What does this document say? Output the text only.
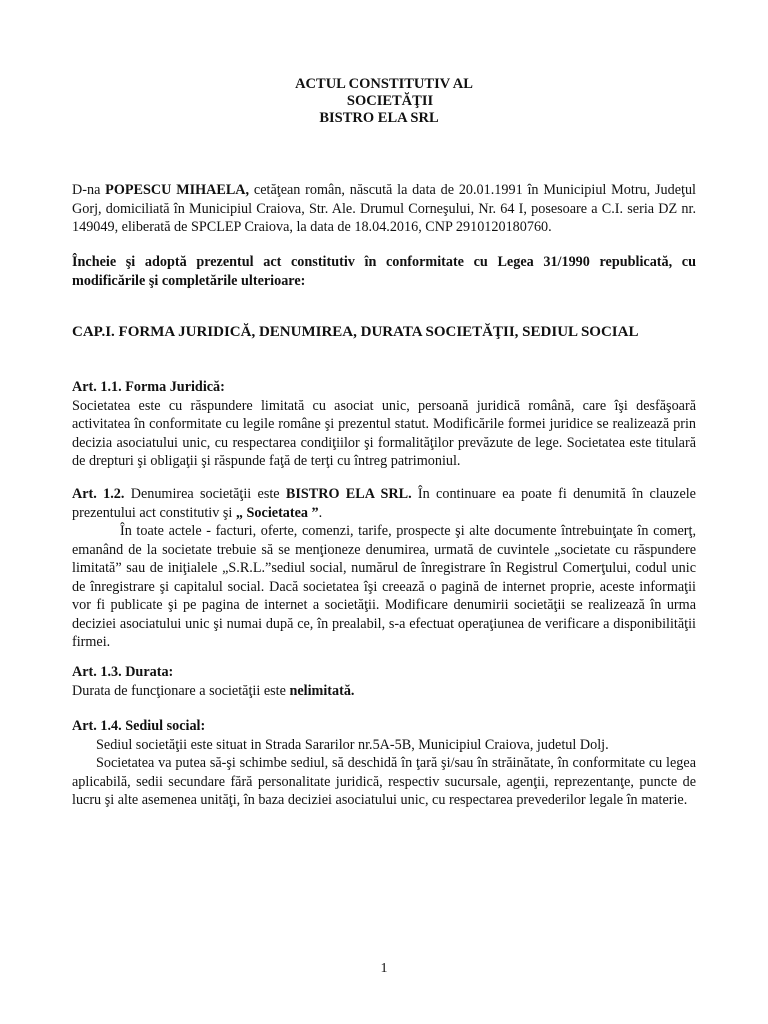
ACTUL CONSTITUTIV AL
SOCIETĂŢII
BISTRO ELA SRL

D-na POPESCU MIHAELA, cetăţean român, născută la data de 20.01.1991 în Municipiul Motru, Judeţul Gorj, domiciliată în Municipiul Craiova, Str. Ale. Drumul Corneşului, Nr. 64 I, posesoare a C.I. seria DZ nr. 149049, eliberată de SPCLEP Craiova, la data de 18.04.2016, CNP 2910120180760.

Încheie şi adoptă prezentul act constitutiv în conformitate cu Legea 31/1990 republicată, cu modificările şi completările ulterioare:
CAP.I. FORMA JURIDICĂ, DENUMIREA, DURATA SOCIETĂŢII, SEDIUL SOCIAL

Art. 1.1. Forma Juridică:

Societatea este cu răspundere limitată cu asociat unic, persoană juridică română, care îşi desfăşoară activitatea în conformitate cu legile române şi prezentul statut. Modificările formei juridice se realizează prin decizia asociatului unic, cu respectarea condiţiilor şi formalităţilor prevăzute de lege. Societatea este titulară de drepturi şi obligaţii şi răspunde faţă de terţi cu întreg patrimoniul.

Art. 1.2. Denumirea societăţii este BISTRO ELA SRL. În continuare ea poate fi denumită în clauzele prezentului act constitutiv şi „ Societatea ”.

În toate actele - facturi, oferte, comenzi, tarife, prospecte şi alte documente întrebuinţate în comerţ, emanând de la societate trebuie să se menţioneze denumirea, urmată de cuvintele „societate cu răspundere limitată” sau de iniţialele „S.R.L.”sediul social, numărul de înregistrare în Registrul Comerţului, codul unic de înregistrare şi capitalul social. Dacă societatea îşi creează o pagină de internet proprie, aceste informaţii vor fi publicate şi pe pagina de internet a societăţii. Modificare denumirii societăţii se realizează în urma deciziei asociatului unic şi numai după ce, în prealabil, s-a efectuat operaţiunea de verificare a disponibilităţii firmei.

Art. 1.3. Durata:

Durata de funcţionare a societăţii este nelimitată.

Art. 1.4. Sediul social:

Sediul societăţii este situat in Strada Sararilor nr.5A-5B, Municipiul Craiova, judetul Dolj.

Societatea va putea să-şi schimbe sediul, să deschidă în ţară şi/sau în străinătate, în conformitate cu legea aplicabilă, sedii secundare fără personalitate juridică, respectiv sucursale, agenţii, reprezentanţe, puncte de lucru şi alte asemenea unităţi, în baza deciziei asociatului unic, cu respectarea prevederilor legale în materie.

1
